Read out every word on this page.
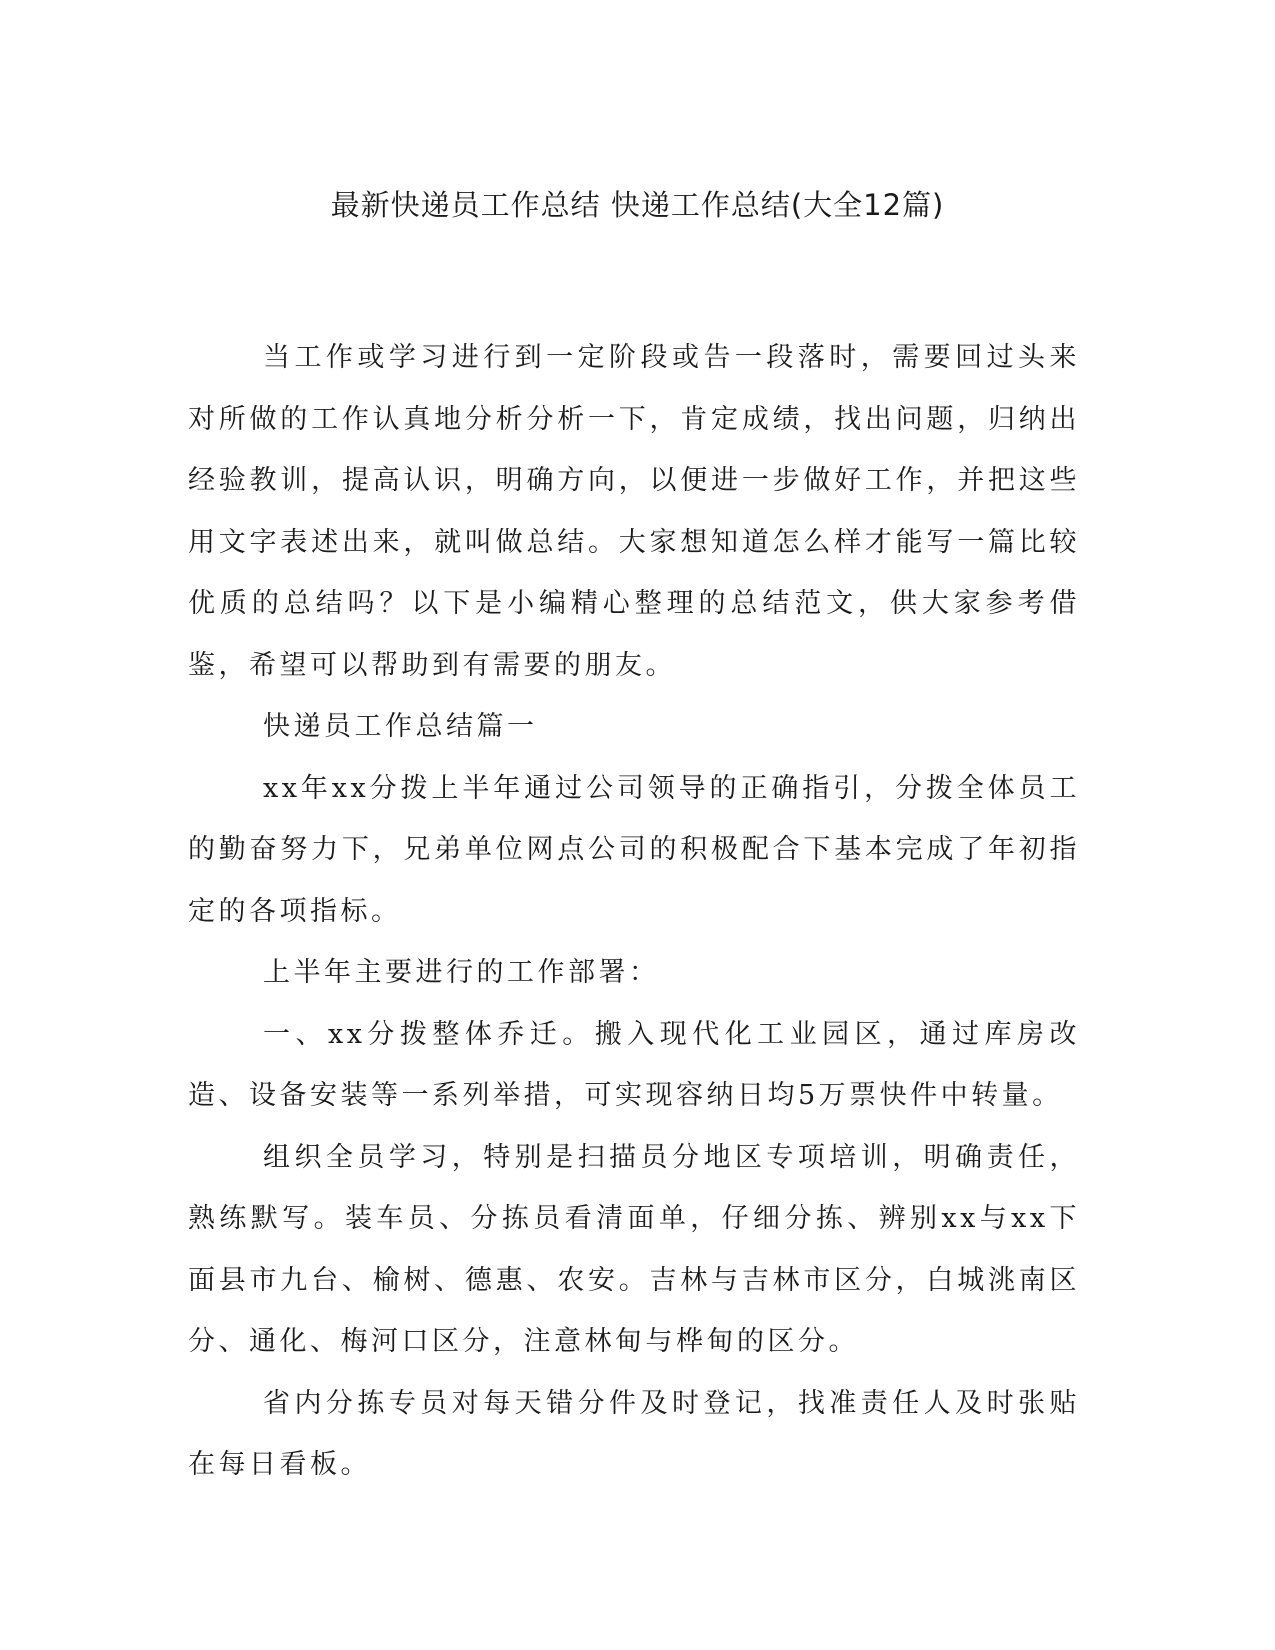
最新快递员工作总结 快递工作总结(大全12篇)

当工作或学习进行到一定阶段或告一段落时，需要回过头来对所做的工作认真地分析分析一下，肯定成绩，找出问题，归纳出经验教训，提高认识，明确方向，以便进一步做好工作，并把这些用文字表述出来，就叫做总结。大家想知道怎么样才能写一篇比较优质的总结吗？以下是小编精心整理的总结范文，供大家参考借鉴，希望可以帮助到有需要的朋友。

快递员工作总结篇一

xx年xx分拨上半年通过公司领导的正确指引，分拨全体员工的勤奋努力下，兄弟单位网点公司的积极配合下基本完成了年初指定的各项指标。

上半年主要进行的工作部署：

一、xx分拨整体乔迁。搬入现代化工业园区，通过库房改造、设备安装等一系列举措，可实现容纳日均5万票快件中转量。

组织全员学习，特别是扫描员分地区专项培训，明确责任，熟练默写。装车员、分拣员看清面单，仔细分拣、辨别xx与xx下面县市九台、榆树、德惠、农安。吉林与吉林市区分，白城洮南区分、通化、梅河口区分，注意林甸与桦甸的区分。

省内分拣专员对每天错分件及时登记，找准责任人及时张贴在每日看板。
